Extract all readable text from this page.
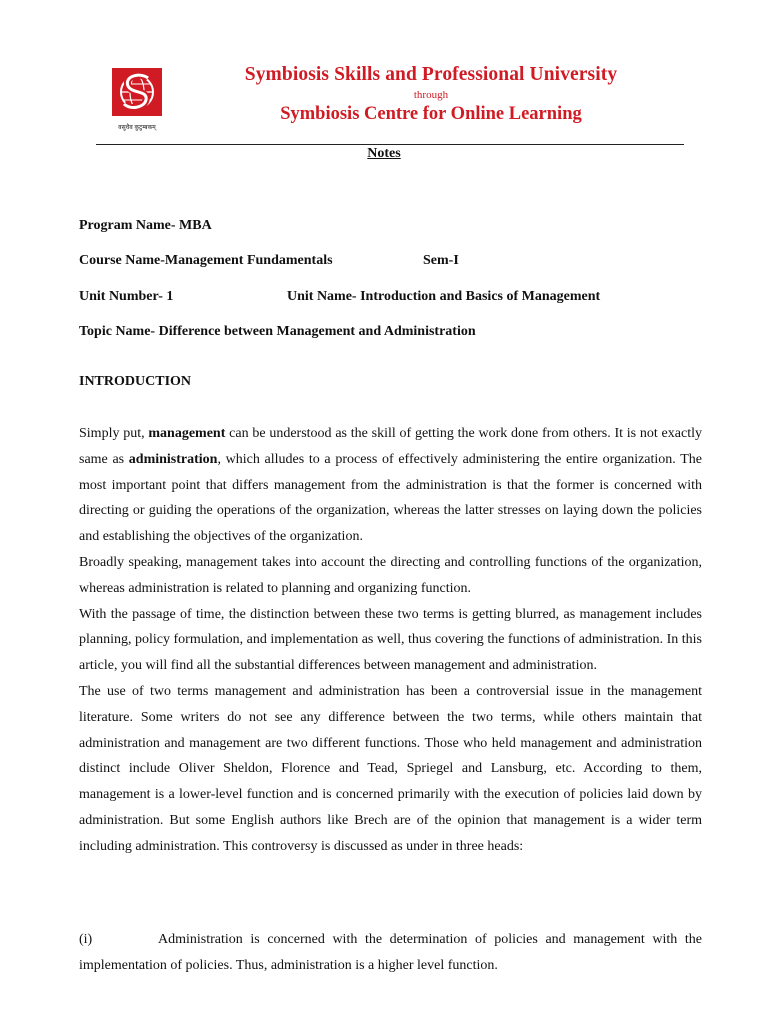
वसुधैव कुटुम्बकम्
Symbiosis Skills and Professional University
through
Symbiosis Centre for Online Learning
Notes
Program Name- MBA
Course Name-Management Fundamentals	Sem-I
Unit Number- 1	Unit Name- Introduction and Basics of Management
Topic Name- Difference between Management and Administration
INTRODUCTION

Simply put, management can be understood as the skill of getting the work done from others. It is not exactly same as administration, which alludes to a process of effectively administering the entire organization. The most important point that differs management from the administration is that the former is concerned with directing or guiding the operations of the organization, whereas the latter stresses on laying down the policies and establishing the objectives of the organization.

Broadly speaking, management takes into account the directing and controlling functions of the organization, whereas administration is related to planning and organizing function.

With the passage of time, the distinction between these two terms is getting blurred, as management includes planning, policy formulation, and implementation as well, thus covering the functions of administration. In this article, you will find all the substantial differences between management and administration.

The use of two terms management and administration has been a controversial issue in the management literature. Some writers do not see any difference between the two terms, while others maintain that administration and management are two different functions. Those who held management and administration distinct include Oliver Sheldon, Florence and Tead, Spriegel and Lansburg, etc. According to them, management is a lower-level function and is concerned primarily with the execution of policies laid down by administration. But some English authors like Brech are of the opinion that management is a wider term including administration. This controversy is discussed as under in three heads:

(i)	Administration is concerned with the determination of policies and management with the implementation of policies. Thus, administration is a higher level function.
